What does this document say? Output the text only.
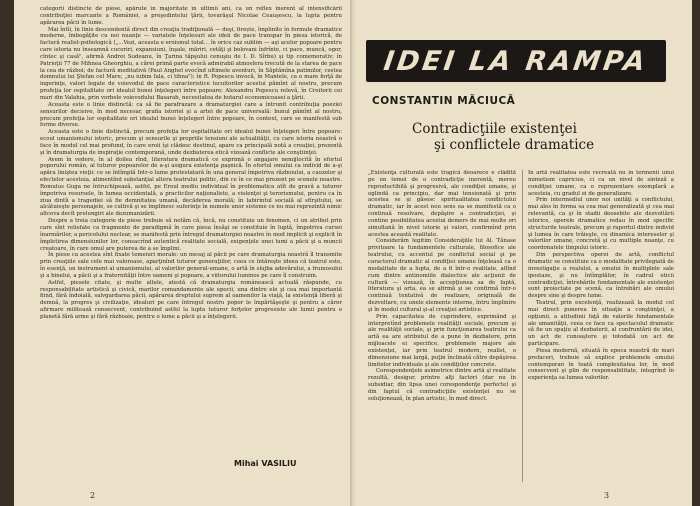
categorii distincte de piese, apărute în majoritate în ultimii ani, ca un reflex inerent al intensificării contribuţiei marcante a României, a preşedintelui ţării, tovarăşul Nicolae Ceauşescu, la lupta pentru apărarea păcii în lume.

Mai întîi, în linie descendentă direct din creaţia tradiţională — deşi, firește, împlinite în formule dramatice moderne, îmbogăţite cu noi nuanţe — variatele înţelesuri ale ideii de pace transpar în piesa istorică, de factură realist-psihologică („...Vezi, aceasta e eroismul total... în orice caz sublim — aşi acelor popoare pentru care istoria nu înseamnă cuceriri, expansiuni, înşale, măriri, cetăţi şi bolovani înfrînte, ci pace, muncă, ogor, cîntec şi casă", afirmă Andrei Sudeanu, în Ţarina tăpşului cenuşiu de I. D. Sîrbu) şi tip comemorativ; în Patrioţii 77 de Mihnea Gheorghiu, a cărei primă parte evocă admirabil atmosfera trecută de la starea de pace la cea de război; de factură meditativă (Paul Anghel evocînd ultimele aventuri, în Săptămîna patimilor, cestea domnului lui Ştefan cel Mare; „nu iubim fala, ci tihna"); în R. Popescu invocă, în Mantele, ca o mare forţă de ingerinţe, valori legate de voievodul de pace caracteristice locuitorilor acestui pămînt al nostru, precum profeţia lor ospitalitate ori idealul bunei înţelegeri între popoare; Alexandru Popescu relevă, în Croitorii cei mari din Valahia, prin vorbele voievodului Basarab, necesitatea de hotarul economicoasei a ţării.

Aceasta este o linie distinctă: ca să fie parafrazare a dramaturgiei care a întrunit contribuţia poeziei sensurilor decisive, în mod necesar, grafia istoriei şi a artei de pace universală: bunul pămînt al nostru, precum profeţia lor ospitalitate ori idealul bunei înţelegeri între popoare, în context, care se manifestă sub forme diverse.

Aceasta este o linie distinctă, precum profeţia lor ospitalitate ori idealul bunei înţelegeri între popoare: ecoul umanismului istoric, precum şi sensurile şi propriile tensiuni ale actualităţii, cu care istoria noastră o face în modul cel mai profund, în care eroii îşi clădesc destinul, apare ca principală notă a creaţiei, prezentă şi în dramaturgia de inspiraţie contemporană, unde dezbaterea etică vizează conflicte ale conştiinţei.

Avem în vedere, în al doilea rînd, literatura dramatică ce exprimă o angajare nemijlocită în efortul poporului român, al tuturor popoarelor de a-şi asigura existenţa paşnică. În efortul omului ca individ de a-şi apăra liniştea vieţii: ce se întîmplă Intr-o lume protestatară în una general împotriva războiului, a cauzelor şi efectelor acestuia, alimentînd substanţial altera teatrului politic, din ce în ce mai prezent pe scenele noastre. Romulus Guga ne întruchipează, astfel, pe Eroul mediu individual în problematica atît de gravă a tuturor împotriva resursele, în lumea occidentală, a practicilor naţionaliste, a violenţei şi terorismului, pentru ca în ziua dintîi a tragediei să fie demnitatea umană, decăderea morală; în labirintul socială al sfîrşitului, se alcătuieşte personajele, se cultivă şi se împlinesc suferinţe în numele unor sisteme ce nu mai reprezintă nimic altceva decît prelungiri ale dezumanizării.

Despre a treia categorie de piese trebuie să notăm că, încă, nu constituie un fenomen, ci un atribut prin care sînt reliefate ca fragmente de paradigmă în care piesa însăşi se constituie în luptă, împotriva cursei înarmărilor, a pericolului nuclear, se manifestă prin întregul dramaturgiei noastre în mod implicit şi explicit în împletirea dimensiunilor lor, consacrînd autentică realitate socială, exigenţele unei lumi a păcii şi a muncii creatoare, în care omul are puterea de a se împlini.

În piese ca acestea sînt fixate temeiuri morale: un mesaj al păcii pe care dramaturgia noastră îl transmite prin creaţiile sale cele mai valoroase, aparţinînd tuturor generaţiilor, ceea ce întăreşte ideea că teatrul este, în esenţă, un instrument al umanismului, al valorilor general-umane, o artă în slujba adevărului, a frumosului şi a binelui, a păcii şi a fraternităţii între oameni şi popoare, a viitorului luminos pe care îl construim.

Astfel, piesele citate, şi multe altele, atestă că dramaturgia românească actuală răspunde, cu responsabilitate artistică şi civică, marilor comandamente ale epocii, una dintre ele şi cea mai importantă fiind, fără îndoială, salvgardarea păcii, apărarea dreptului suprem al oamenilor la viaţă, la existenţă liberă şi demnă, la progres şi civilizaţie, idealuri pe care întregul nostru popor le împărtăşeşte şi pentru a căror afirmare militează consecvent, contribuind astfel la lupta tuturor forţelor progresiste ale lumii pentru o planetă fără arme şi fără războaie, pentru o lume a păcii şi a înţelegerii.

Mihai VASILIU
2
IDEI LA RAMPA
CONSTANTIN MĂCIUCĂ
Contradicţiile existenţei
şi conflictele dramatice

„Existenţa culturală este tragică deoarece e clădită pe un temei de o contradicţie inerentă, mereu reproductibilă şi progresivă, ale condiţiei umane, şi oglindă ca principiu, dar mai tensionată şi prin acestea se şi găsesc spiritualitatea conflictului dramatic, iar în acest nou sens ea se manifestă ca o continuă resolvare, depăşire a contradicţiei, şi contine posibilitatea acestui demers de mai multe ori simultană în nivel istorie şi valori, confirmînd prin acestea această realitate.

Considerăm legitim Consideraţiile lui Al. Tănase privitoare la fundamentele culturale, filosofice ale teatrului, cu accentul pe conflictul social şi pe caracterul dramatic al condiţiei umane înţeleasă ca o modalitate de a lupta, de a fi într-o realitate, aflînd cum dintre antinomiile dialectice ale acţiunii de cultură — vizează, în accepţiunea sa de faptă, literatura şi arta, ea se afirmă şi se confirmă într-o continuă tentativă de realizare, originală de dezvoltare, cu unele elemente interne, întru împlinire şi în modul cultural şi-al creaţiei artistice.

Prin capacitatea de cuprindere, exprimând şi interpretînd problemele realităţii sociale, precum şi ale realităţii sociale, şi prin funcţionarea teatrului ca artă ea are atributul de a pune în dezbatere, prin mijloacele ei specifice, problemele majore ale existenţei, iar prin teatrul modern, realist, o dimensiune mai largă, puţin înclinată către depăşirea limitelor individuale şi ale condiţiilor concrete.

Corespondenţele asimetrice dintre artă şi realitate rezultă, desigur, printre alţi factori (dar nu în subsidiar, din lipsa unei corespondenţe perfecte) şi din faptul că contradicţiile existenţei nu se soluţionează, în plan artistic, în mod direct.

În artă realitatea este recreată nu în termenii unui mimetism capricios, ci ca un nivel de sinteză a condiţiei umane, ca o reprezentare exemplară a acesteia, cu gradul ei de generalizare.

Prin intermediul unor noi unităţi a conflictului, mai ales în forma sa cea mai generalizată şi cea mai relevantă, ca şi în stadii deosebite ale dezvoltării istorice, operele dramatice redau în mod specific structurile teatrale, precum şi raportul dintre individ şi lumea în care trăieşte, cu dinamica intereselor şi valorilor umane, concretă şi cu multiple nuanţe, cu coordonatele timpului istoric.

Din perspectiva operei de artă, conflictul dramatic se constituie ca o modalitate privilegiată de investigaţie a realului, a omului în multiplele sale ipostaze, şi nu întîmplător, în cadrul eticii contradicţiei, întrebările fundamentale ale existenţei sunt proiectate pe scenă, ca întrebări ale omului despre sine şi despre lume.

Teatrul, prin excelenţă, realizează la modul cel mai direct punerea în situaţie a conştiinţei, a opţiunii, a atitudinii faţă de valorile fundamentale ale umanităţii, ceea ce face ca spectacolul dramatic să fie un spaţiu al dezbaterii, al confruntării de idei, un act de cunoaştere şi totodată un act de participare.

Piesa modernă, situată în epoca noastră de mari prefaceri, trebuie să explice problemele omului contemporan în toată complexitatea lor, în mod consecvent şi plin de responsabilitate, integrînd în experienţa sa lumea valorilor.

3
